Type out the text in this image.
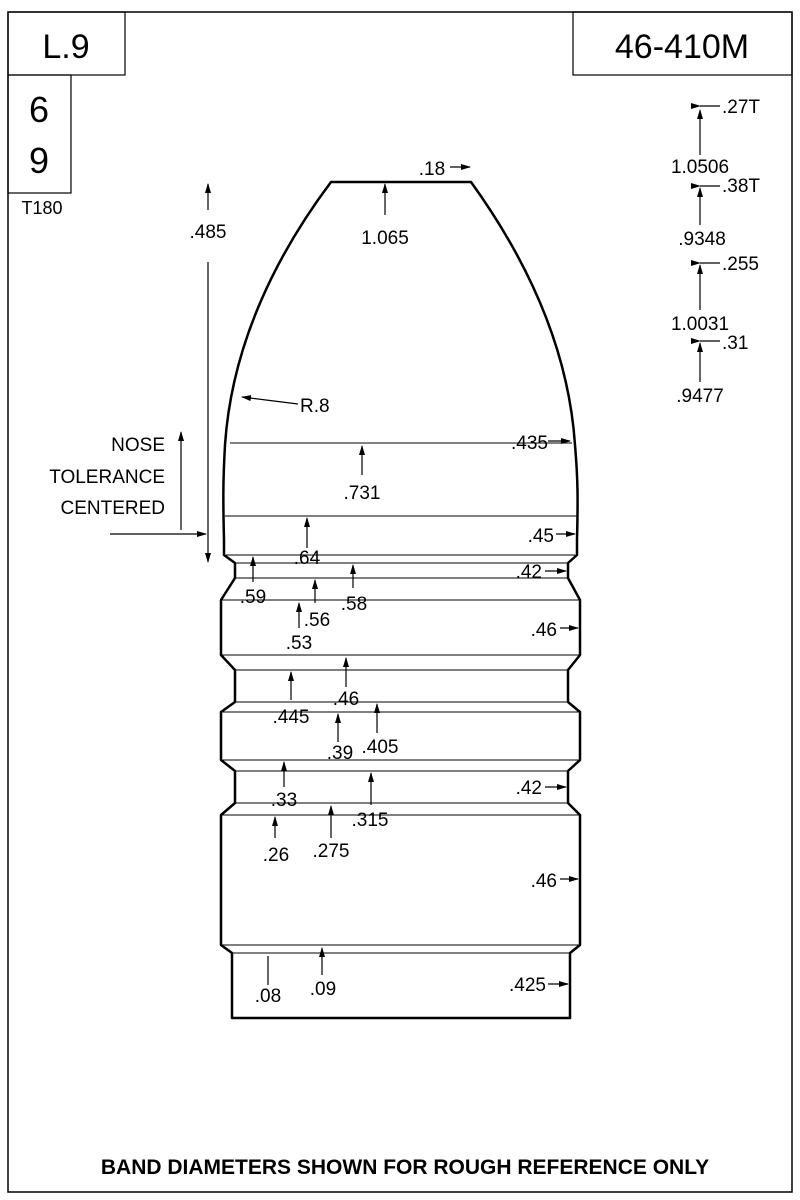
L.9	46-410M
6
9
T180
.27T
1.0506
.38T
.9348
.255
1.0031
.31
.9477
.485
NOSE
TOLERANCE
CENTERED
R.8
.18
1.065
.731
.435
.45
.42
.46
.42
.46
.425
.64
.59	.58
.56
.53
.46
.445
.405
.39
.33
.315
.275
.26
.09
.08
BAND DIAMETERS SHOWN FOR ROUGH REFERENCE ONLY
